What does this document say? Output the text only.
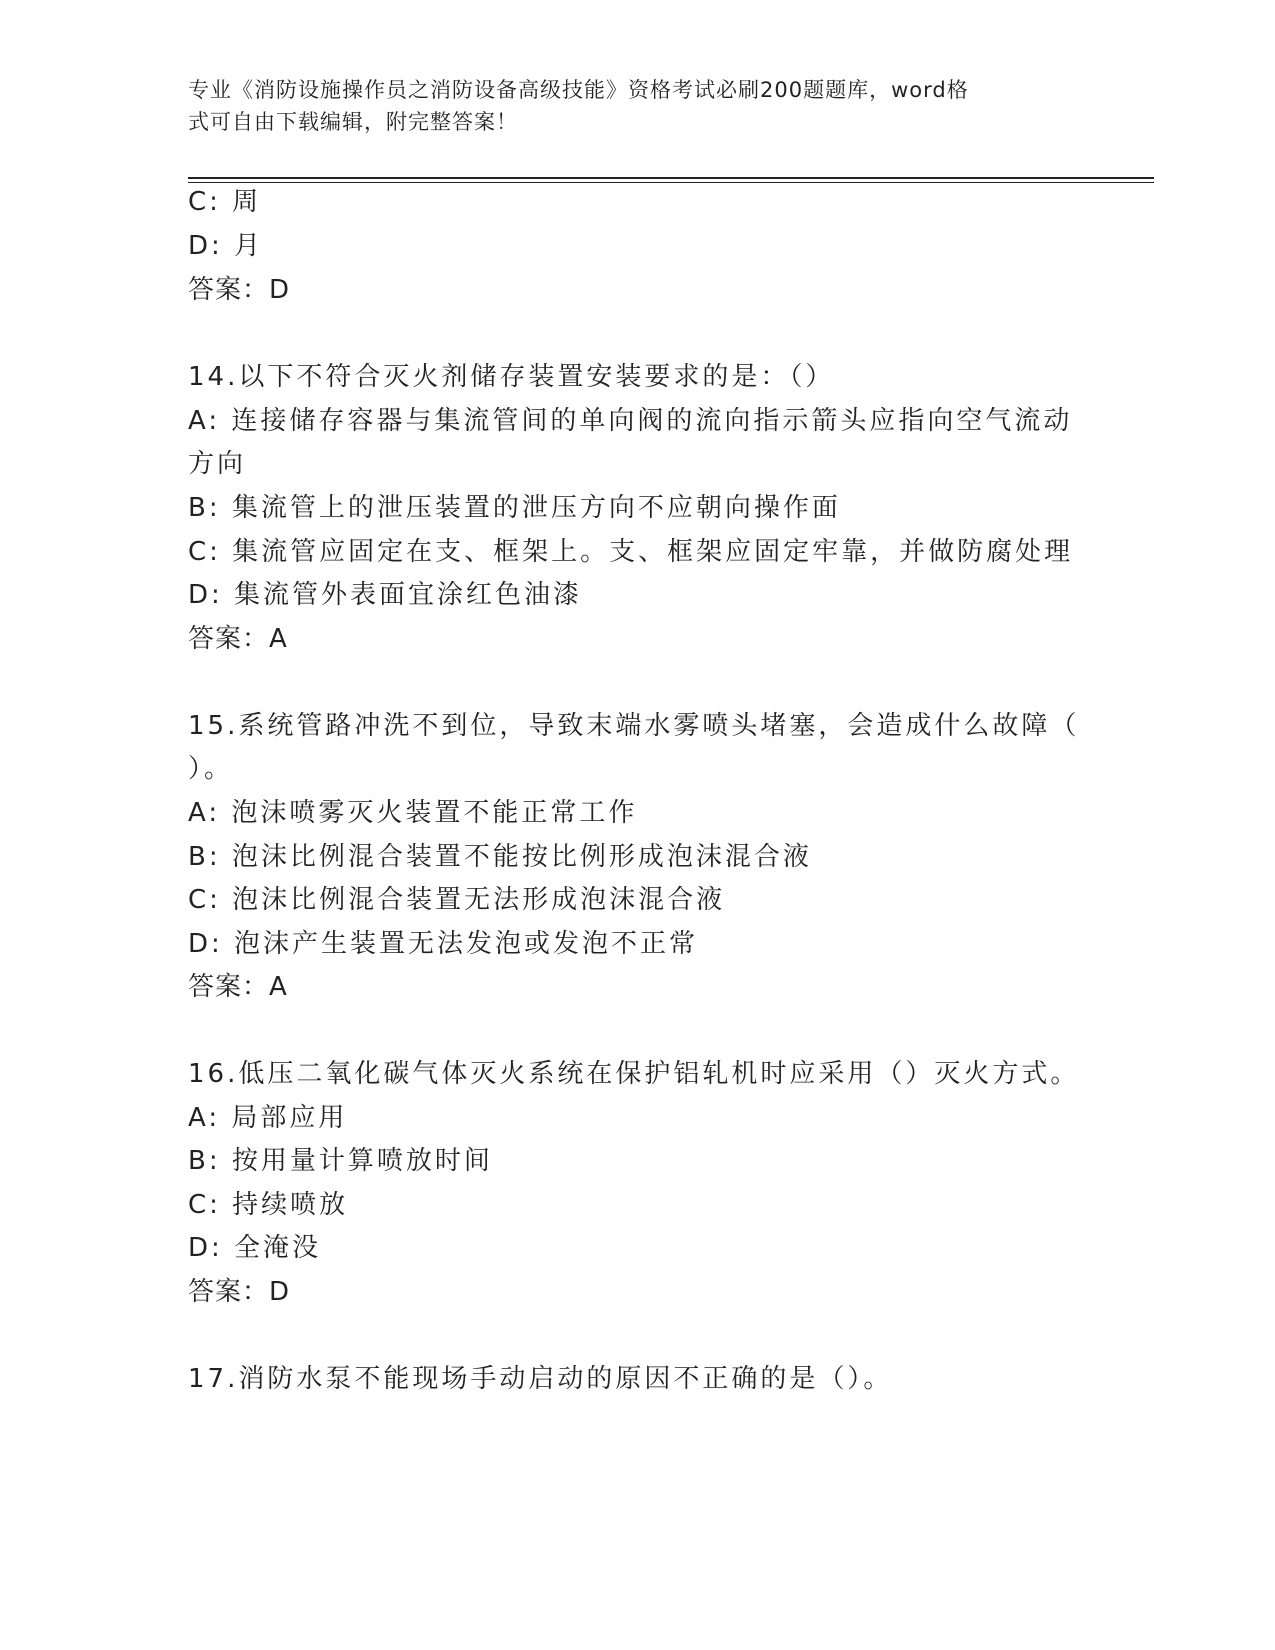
专业《消防设施操作员之消防设备高级技能》资格考试必刷200题题库，word格
式可自由下载编辑，附完整答案！
C: 周
D: 月
答案：D
14.以下不符合灭火剂储存装置安装要求的是：（）
A: 连接储存容器与集流管间的单向阀的流向指示箭头应指向空气流动
方向
B: 集流管上的泄压装置的泄压方向不应朝向操作面
C: 集流管应固定在支、框架上。支、框架应固定牢靠，并做防腐处理
D: 集流管外表面宜涂红色油漆
答案：A
15.系统管路冲洗不到位，导致末端水雾喷头堵塞，会造成什么故障（
）。
A: 泡沫喷雾灭火装置不能正常工作
B: 泡沫比例混合装置不能按比例形成泡沫混合液
C: 泡沫比例混合装置无法形成泡沫混合液
D: 泡沫产生装置无法发泡或发泡不正常
答案：A
16.低压二氧化碳气体灭火系统在保护铝轧机时应采用（）灭火方式。
A: 局部应用
B: 按用量计算喷放时间
C: 持续喷放
D: 全淹没
答案：D
17.消防水泵不能现场手动启动的原因不正确的是（）。
